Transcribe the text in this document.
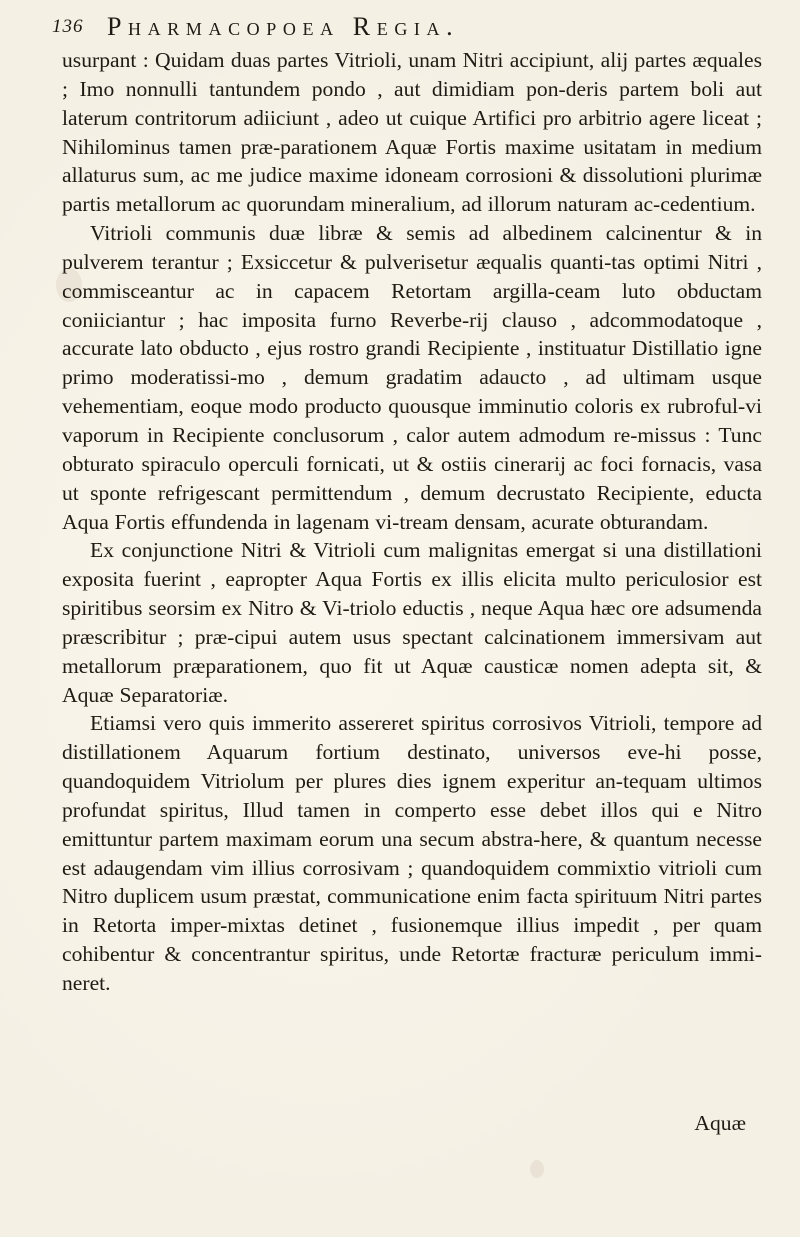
136 Pharmacopoea Regia.

usurpant : Quidam duas partes Vitrioli, unam Nitri accipiunt, alij partes æquales ; Imo nonnulli tantundem pondo , aut dimidiam pon-deris partem boli aut laterum contritorum adiiciunt , adeo ut cuique Artifici pro arbitrio agere liceat ; Nihilominus tamen præ-parationem Aquæ Fortis maxime usitatam in medium allaturus sum, ac me judice maxime idoneam corrosioni & dissolutioni plurimæ partis metallorum ac quorundam mineralium, ad illorum naturam ac-cedentium.

Vitrioli communis duæ libræ & semis ad albedinem calcinentur & in pulverem terantur ; Exsiccetur & pulverisetur æqualis quanti-tas optimi Nitri , commisceantur ac in capacem Retortam argilla-ceam luto obductam coniiciantur ; hac imposita furno Reverbe-rij clauso , adcommodatoque , accurate lato obducto , ejus rostro grandi Recipiente , instituatur Distillatio igne primo moderatissi-mo , demum gradatim adaucto , ad ultimam usque vehementiam, eoque modo producto quousque imminutio coloris ex rubroful-vi vaporum in Recipiente conclusorum , calor autem admodum re-missus : Tunc obturato spiraculo operculi fornicati, ut & ostiis cinerarij ac foci fornacis, vasa ut sponte refrigescant permittendum , demum decrustato Recipiente, educta Aqua Fortis effundenda in lagenam vi-tream densam, acurate obturandam.

Ex conjunctione Nitri & Vitrioli cum malignitas emergat si una distillationi exposita fuerint , eapropter Aqua Fortis ex illis elicita multo periculosior est spiritibus seorsim ex Nitro & Vi-triolo eductis , neque Aqua hæc ore adsumenda præscribitur ; præ-cipui autem usus spectant calcinationem immersivam aut metallorum præparationem, quo fit ut Aquæ causticæ nomen adepta sit, & Aquæ Separatoriæ.

Etiamsi vero quis immerito assereret spiritus corrosivos Vitrioli, tempore ad distillationem Aquarum fortium destinato, universos eve-hi posse, quandoquidem Vitriolum per plures dies ignem experitur an-tequam ultimos profundat spiritus, Illud tamen in comperto esse debet illos qui e Nitro emittuntur partem maximam eorum una secum abstra-here, & quantum necesse est adaugendam vim illius corrosivam ; quandoquidem commixtio vitrioli cum Nitro duplicem usum præstat, communicatione enim facta spirituum Nitri partes in Retorta imper-mixtas detinet , fusionemque illius impedit , per quam cohibentur & concentrantur spiritus, unde Retortæ fracturæ periculum immi-neret.

Aquæ
